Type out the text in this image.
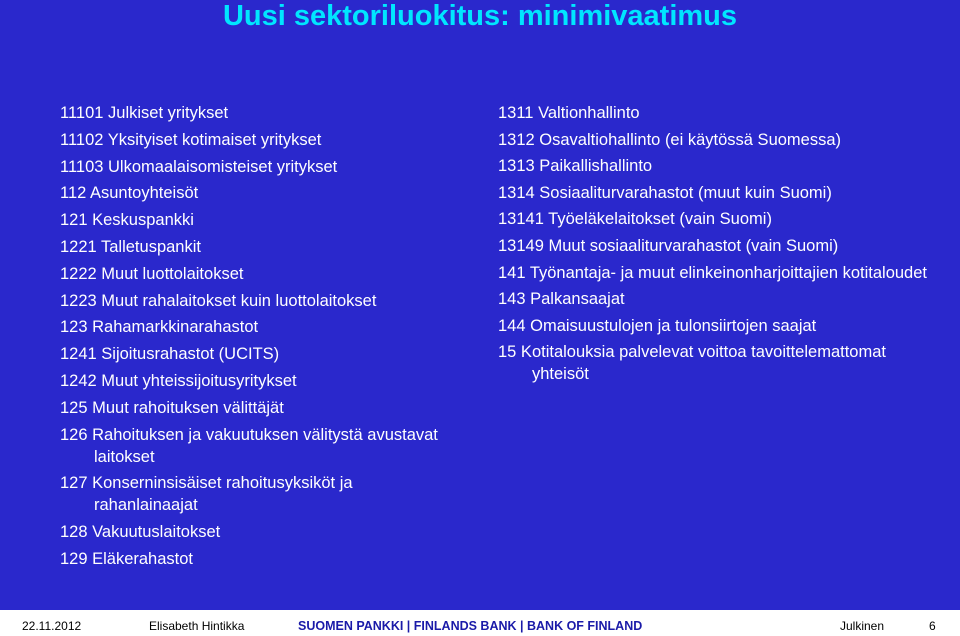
Uusi sektoriluokitus: minimivaatimus
11101 Julkiset yritykset
11102 Yksityiset kotimaiset yritykset
11103 Ulkomaalaisomisteiset yritykset
112 Asuntoyhteisöt
121 Keskuspankki
1221 Talletuspankit
1222 Muut luottolaitokset
1223 Muut rahalaitokset kuin luottolaitokset
123 Rahamarkkinarahastot
1241 Sijoitusrahastot (UCITS)
1242 Muut yhteissijoitusyritykset
125 Muut rahoituksen välittäjät
126 Rahoituksen ja vakuutuksen välitystä avustavat laitokset
127 Konserninsisäiset rahoitusyksiköt ja rahanlainaajat
128 Vakuutuslaitokset
129 Eläkerahastot
1311 Valtionhallinto
1312 Osavaltiohallinto (ei käytössä Suomessa)
1313 Paikallishallinto
1314 Sosiaaliturvarahastot (muut kuin Suomi)
13141 Työeläkelaitokset (vain Suomi)
13149 Muut sosiaaliturvarahastot (vain Suomi)
141 Työnantaja- ja muut elinkeinonharjoittajien kotitaloudet
143 Palkansaajat
144 Omaisuustulojen ja tulonsiirtojen saajat
15 Kotitalouksia palvelevat voittoa tavoittelemattomat yhteisöt
22.11.2012	Elisabeth Hintikka	SUOMEN PANKKI | FINLANDS BANK | BANK OF FINLAND	Julkinen	6
